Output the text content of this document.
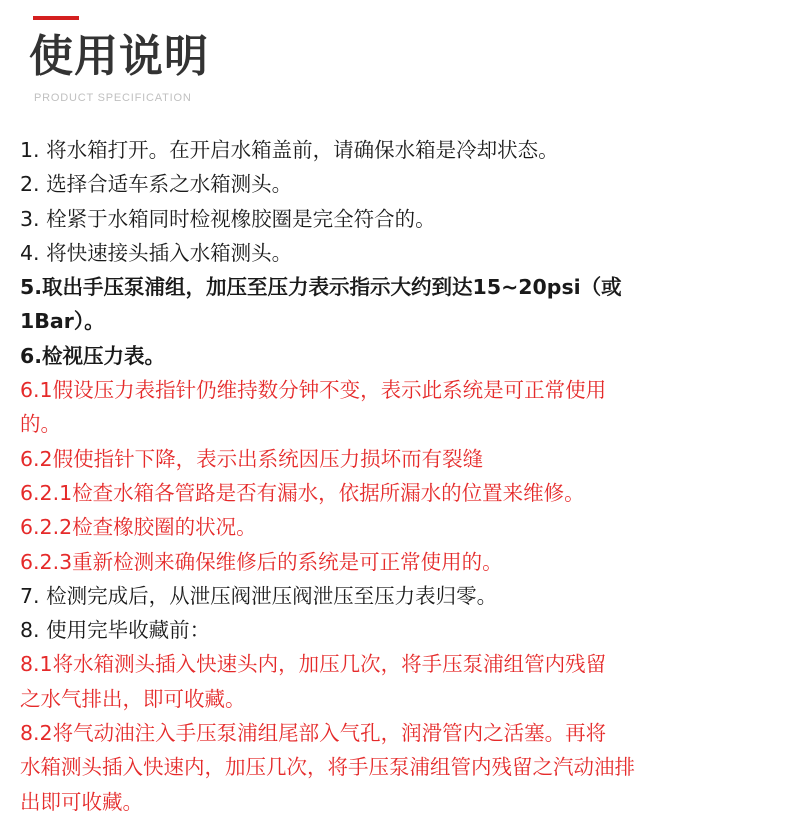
使用说明
PRODUCT SPECIFICATION
1. 将水箱打开。在开启水箱盖前，请确保水箱是冷却状态。
2. 选择合适车系之水箱测头。
3. 栓紧于水箱同时检视橡胶圈是完全符合的。
4. 将快速接头插入水箱测头。
5.取出手压泵浦组，加压至压力表示指示大约到达15~20psi（或
1Bar）。
6.检视压力表。
6.1假设压力表指针仍维持数分钟不变，表示此系统是可正常使用
的。
6.2假使指针下降，表示出系统因压力损坏而有裂缝
6.2.1检查水箱各管路是否有漏水，依据所漏水的位置来维修。
6.2.2检查橡胶圈的状况。
6.2.3重新检测来确保维修后的系统是可正常使用的。
7. 检测完成后，从泄压阀泄压阀泄压至压力表归零。
8. 使用完毕收藏前：
8.1将水箱测头插入快速头内，加压几次，将手压泵浦组管内残留
之水气排出，即可收藏。
8.2将气动油注入手压泵浦组尾部入气孔，润滑管内之活塞。再将
水箱测头插入快速内，加压几次，将手压泵浦组管内残留之汽动油排
出即可收藏。
